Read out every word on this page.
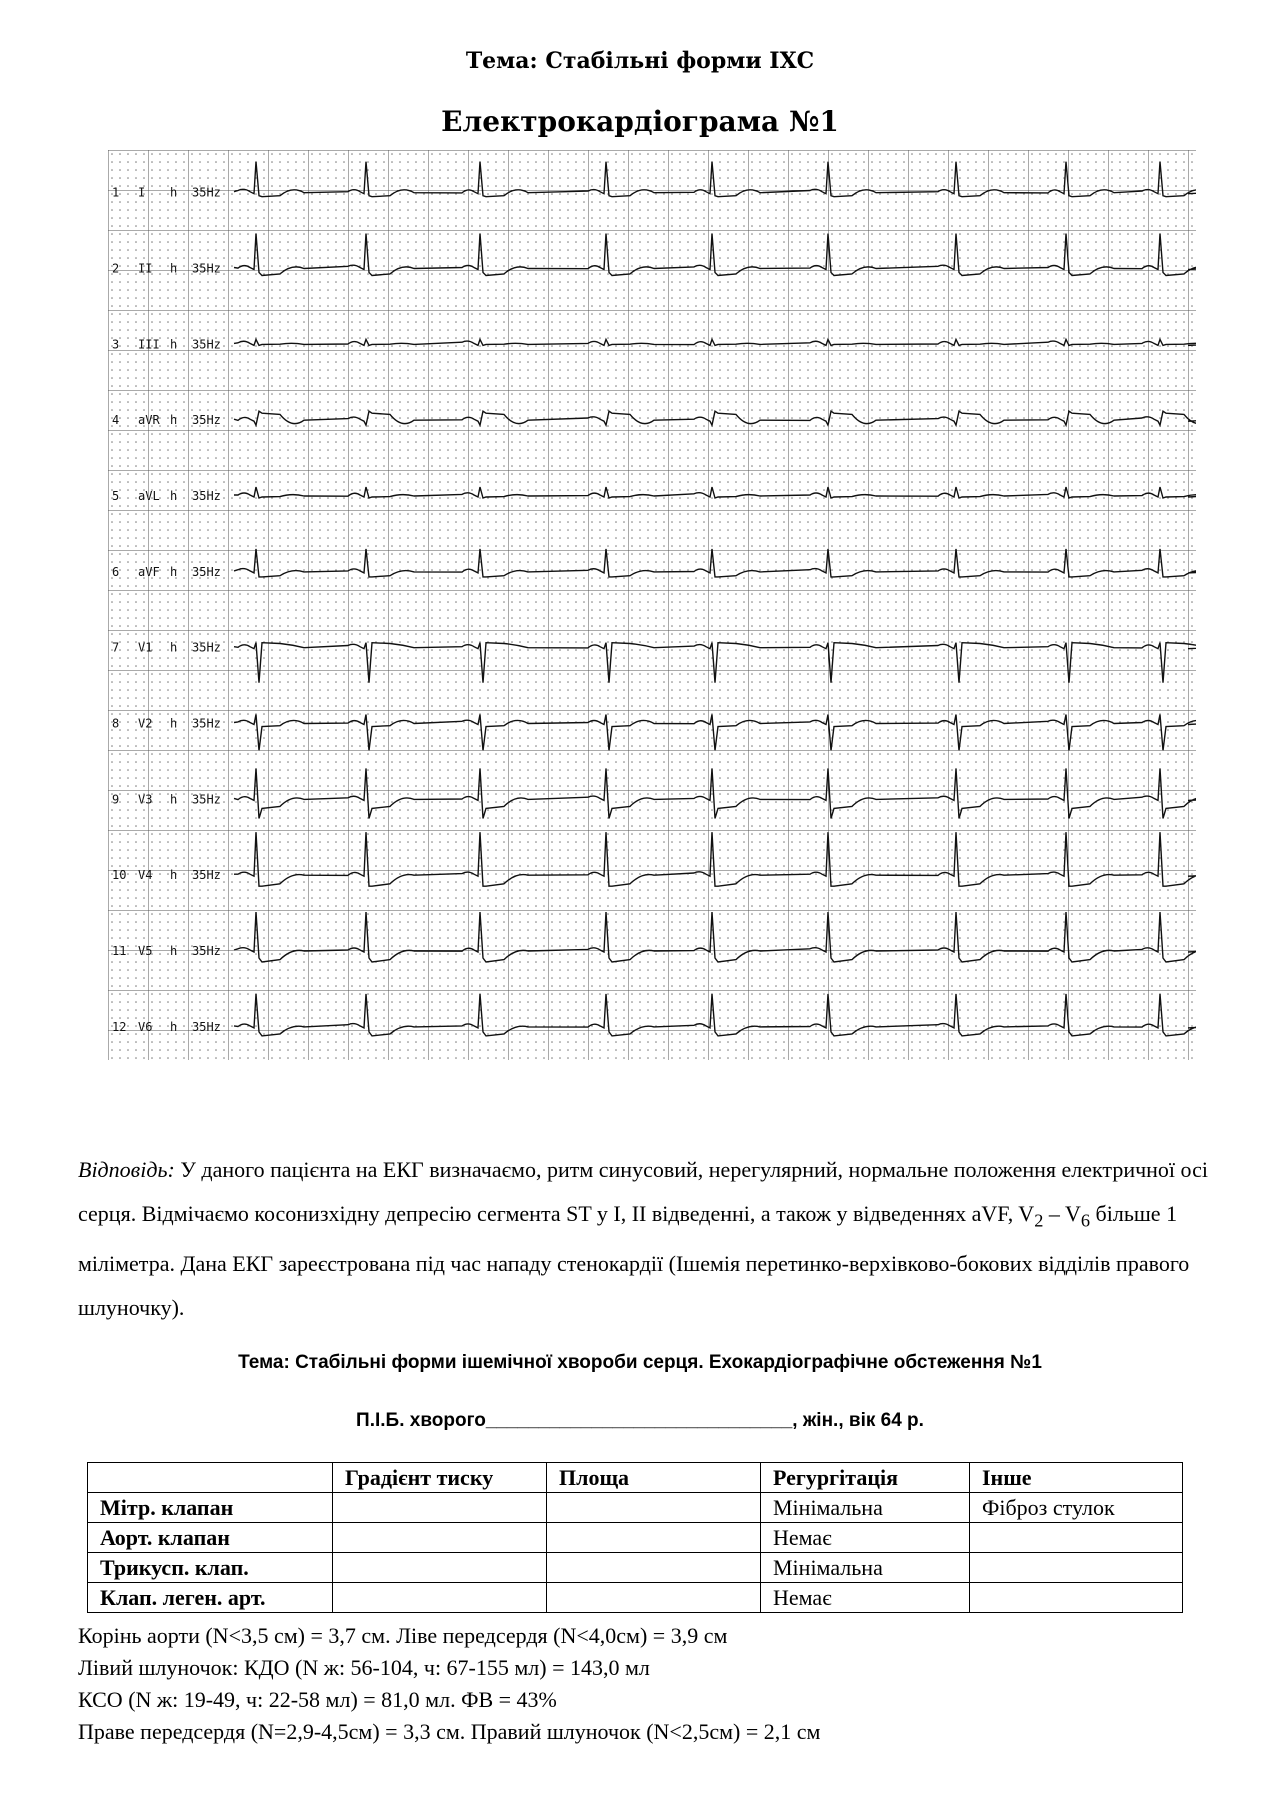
Тема: Стабільні форми ІХС
Електрокардіограма №1
1 I h 35Hz
2 II h 35Hz
3 III h 35Hz
4 aVR h 35Hz
5 aVL h 35Hz
6 aVF h 35Hz
7 V1 h 35Hz
8 V2 h 35Hz
9 V3 h 35Hz
10 V4 h 35Hz
11 V5 h 35Hz
12 V6 h 35Hz
Відповідь: У даного пацієнта на ЕКГ визначаємо, ритм синусовий, нерегулярний, нормальне положення електричної осі серця. Відмічаємо косонизхідну депресію сегмента ST у I, II відведенні, а також у відведеннях aVF, $V_2 - V_6$ більше 1 міліметра. Дана ЕКГ зареєстрована під час нападу стенокардії (Ішемія перетинко-верхівково-бокових відділів правого шлуночку).
Тема: Стабільні форми ішемічної хвороби серця. Ехокардіографічне обстеження №1
П.І.Б. хворого_____________________________, жін., вік 64 р.
	Градієнт тиску	Площа	Регургітація	Інше
Мітр. клапан			Мінімальна	Фіброз стулок
Аорт. клапан			Немає	
Трикусп. клап.			Мінімальна	
Клап. леген. арт.			Немає	
Корінь аорти (N<3,5 см) = 3,7 см. Ліве передсердя (N<4,0см) = 3,9 см
Лівий шлуночок: КДО (N ж: 56-104, ч: 67-155 мл) = 143,0 мл
КСО (N ж: 19-49, ч: 22-58 мл) = 81,0 мл. ФВ = 43%
Праве передсердя (N=2,9-4,5см) = 3,3 см. Правий шлуночок (N<2,5см) = 2,1 см
